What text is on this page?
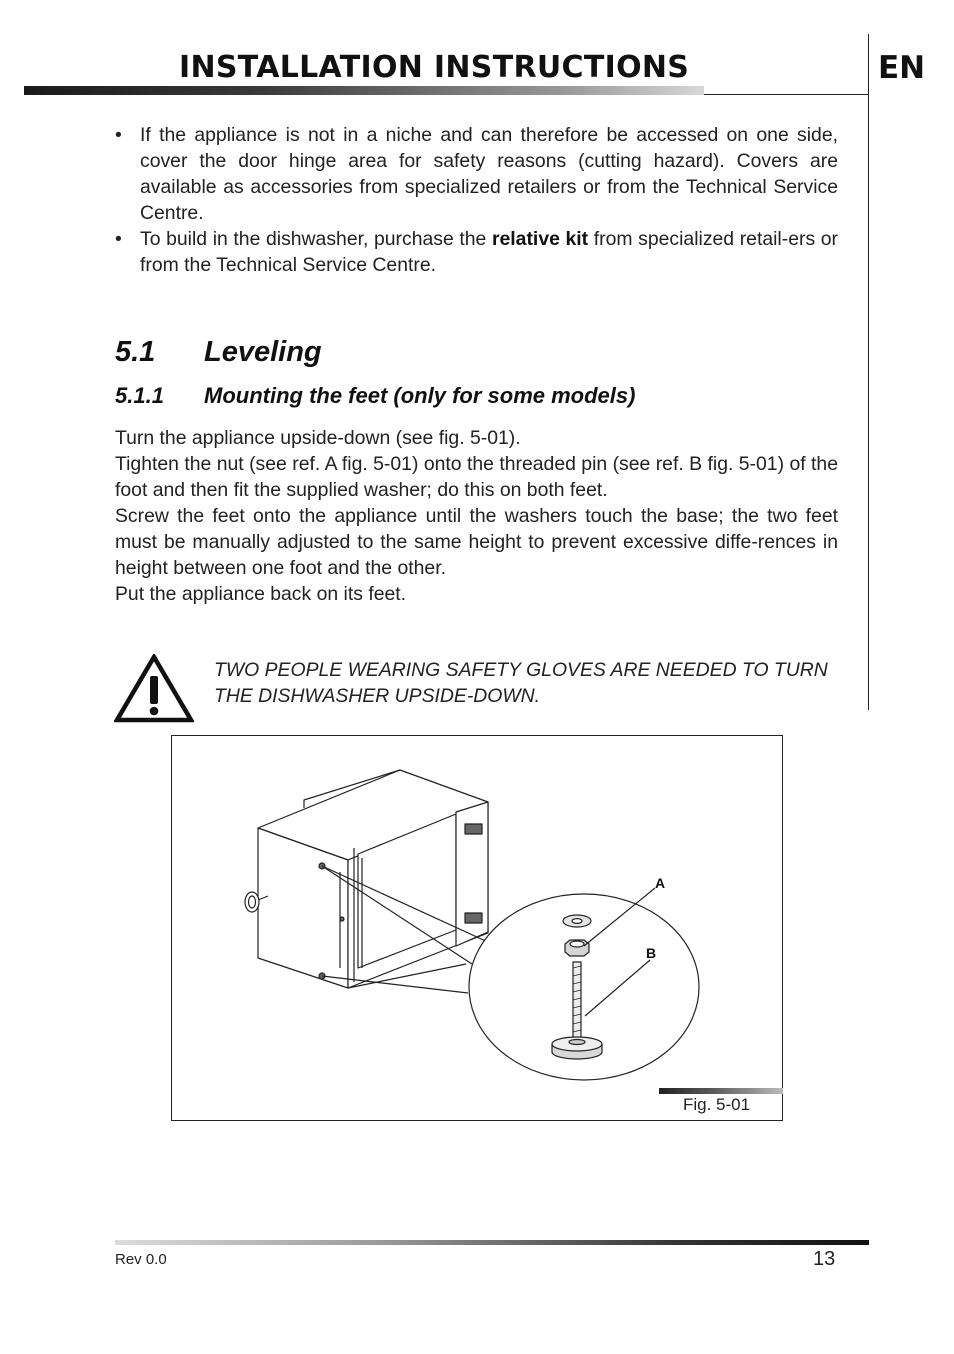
INSTALLATION INSTRUCTIONS	EN
• If the appliance is not in a niche and can therefore be accessed on one side, cover the door hinge area for safety reasons (cutting hazard). Covers are available as accessories from specialized retailers or from the Technical Service Centre.
• To build in the dishwasher, purchase the relative kit from specialized retail-ers or from the Technical Service Centre.
5.1 Leveling
5.1.1 Mounting the feet (only for some models)

Turn the appliance upside-down (see fig. 5-01).

Tighten the nut (see ref. A fig. 5-01) onto the threaded pin (see ref. B fig. 5-01) of the foot and then fit the supplied washer; do this on both feet.

Screw the feet onto the appliance until the washers touch the base; the two feet must be manually adjusted to the same height to prevent excessive diffe-rences in height between one foot and the other.

Put the appliance back on its feet.

TWO PEOPLE WEARING SAFETY GLOVES ARE NEEDED TO TURN THE DISHWASHER UPSIDE-DOWN.
A
B
Fig. 5-01
Rev 0.0	13
